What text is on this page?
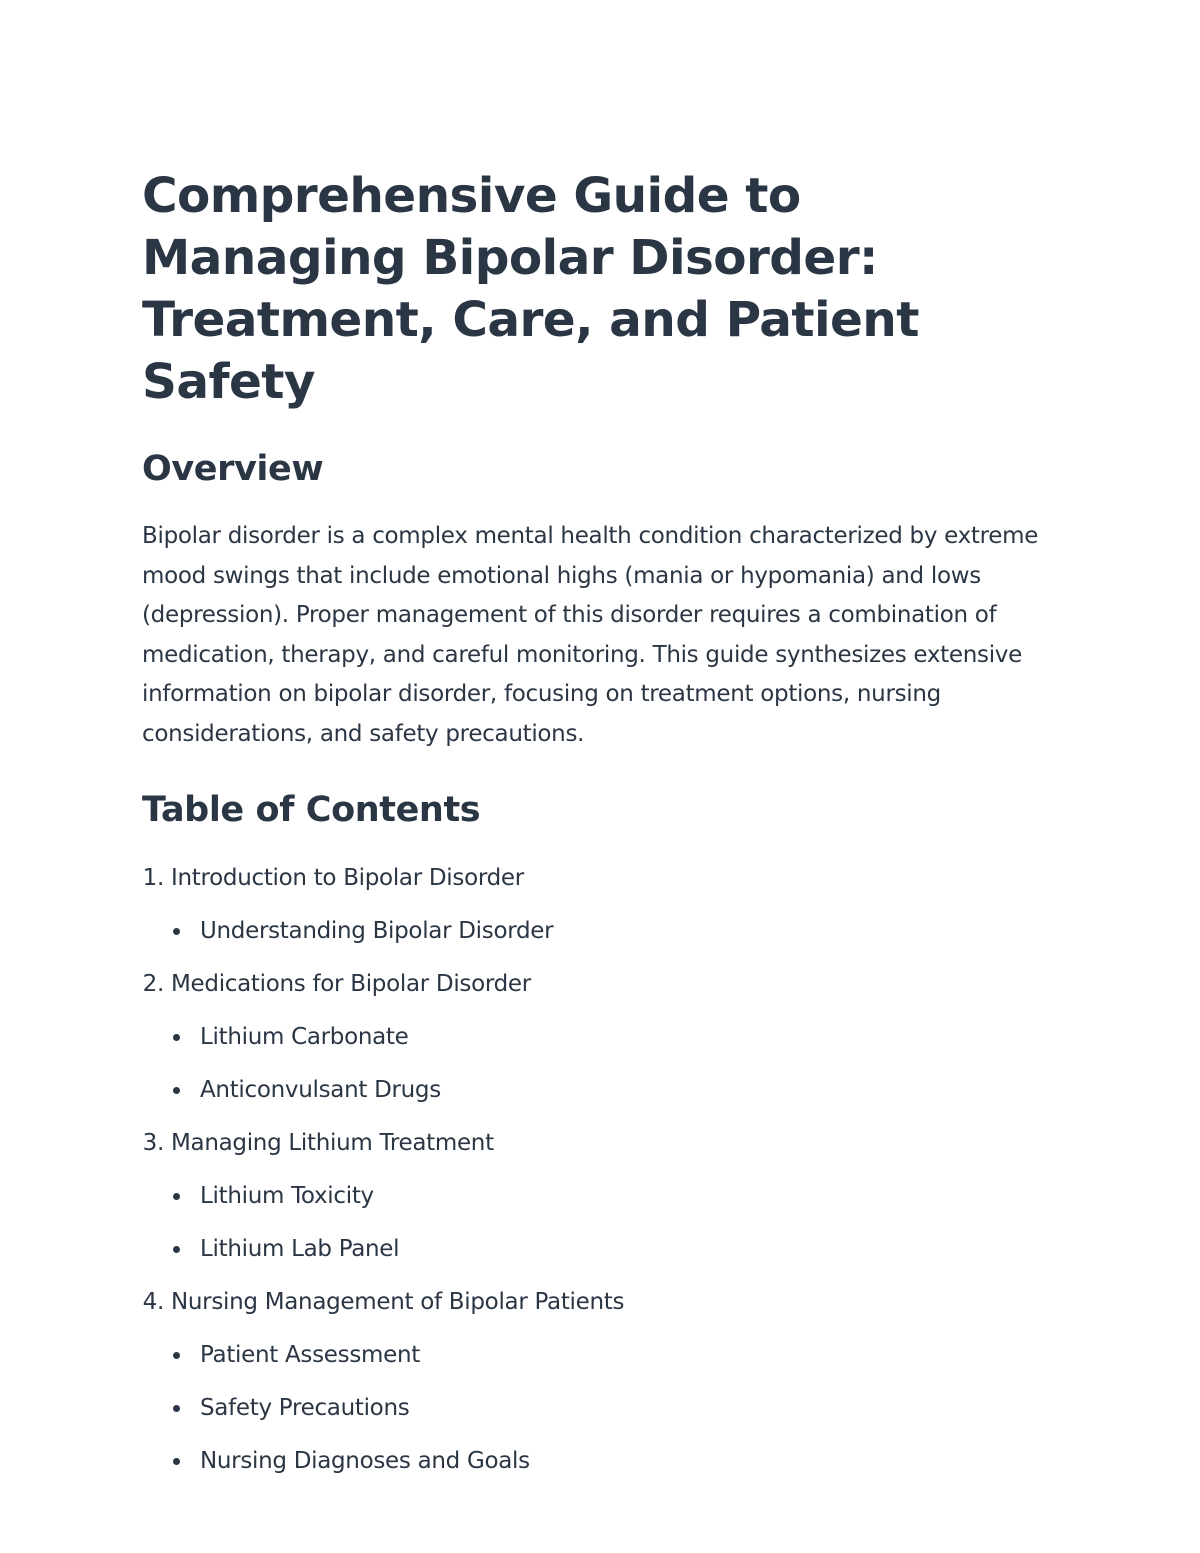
Comprehensive Guide to Managing Bipolar Disorder: Treatment, Care, and Patient Safety
Overview

Bipolar disorder is a complex mental health condition characterized by extreme mood swings that include emotional highs (mania or hypomania) and lows (depression). Proper management of this disorder requires a combination of medication, therapy, and careful monitoring. This guide synthesizes extensive information on bipolar disorder, focusing on treatment options, nursing considerations, and safety precautions.

Table of Contents
1. Introduction to Bipolar Disorder
Understanding Bipolar Disorder
2. Medications for Bipolar Disorder
Lithium Carbonate
Anticonvulsant Drugs
3. Managing Lithium Treatment
Lithium Toxicity
Lithium Lab Panel
4. Nursing Management of Bipolar Patients
Patient Assessment
Safety Precautions
Nursing Diagnoses and Goals
